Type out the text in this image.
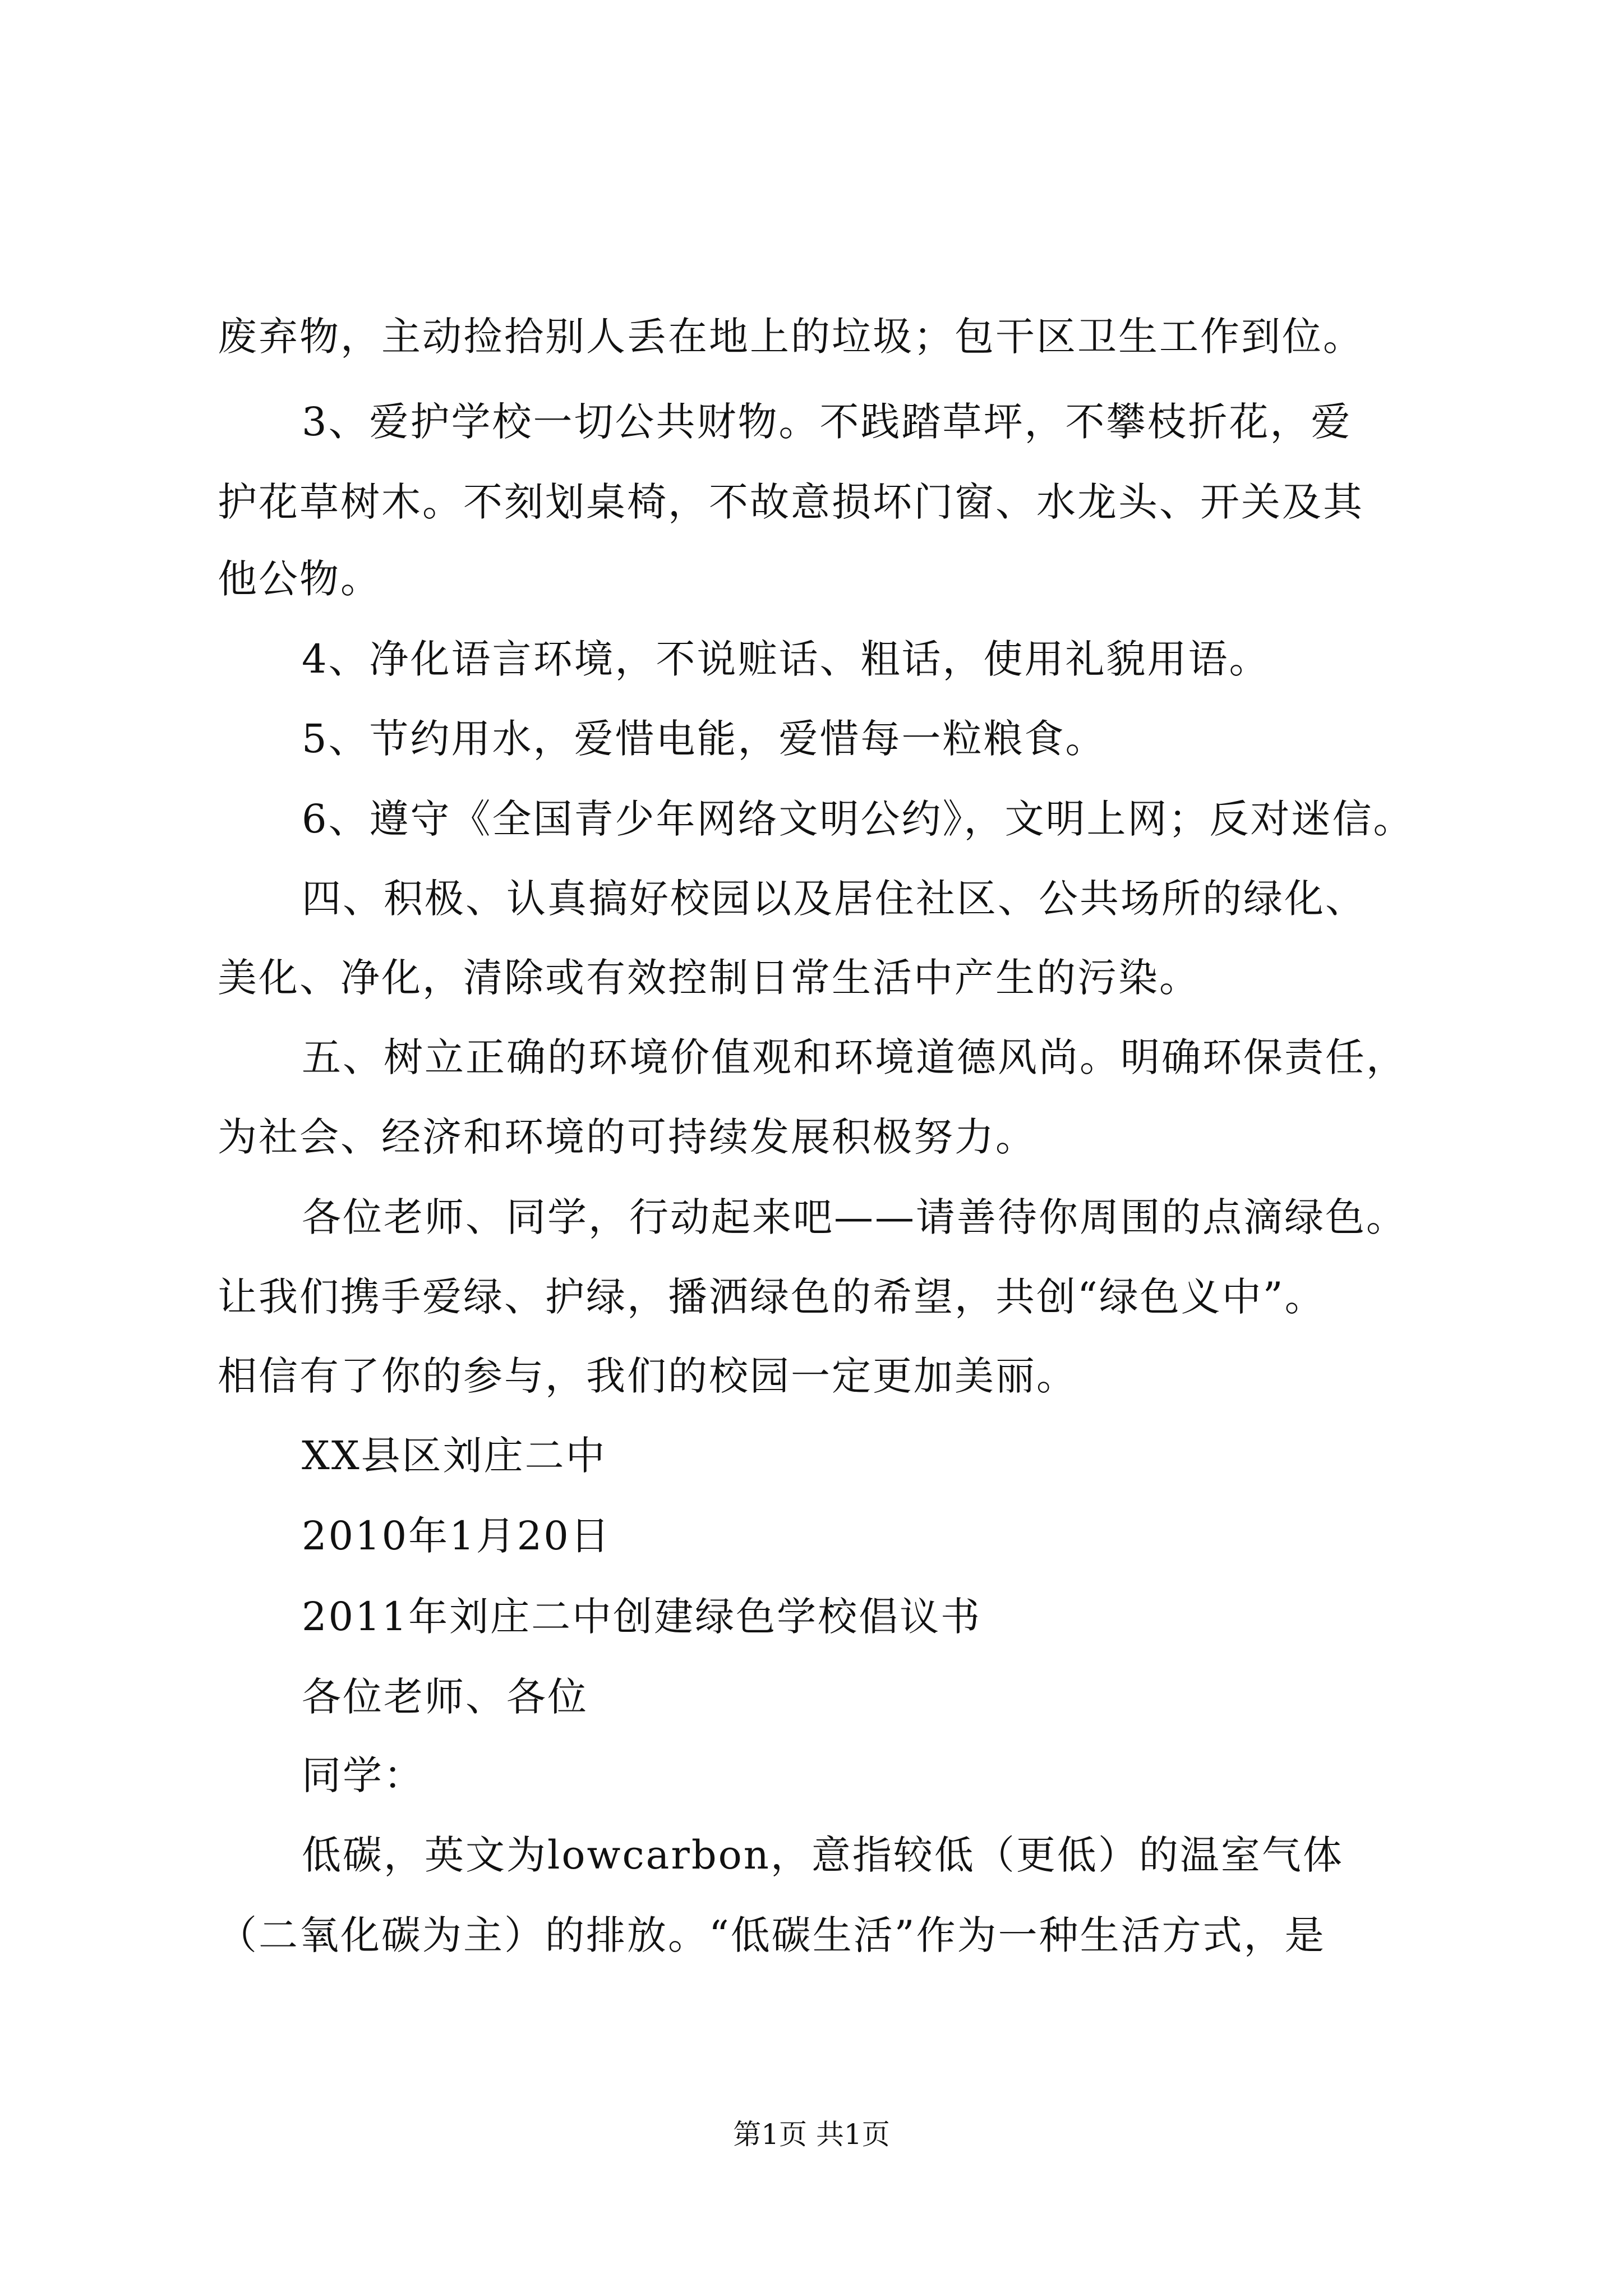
废弃物，主动捡拾别人丢在地上的垃圾；包干区卫生工作到位。
3、爱护学校一切公共财物。不践踏草坪，不攀枝折花，爱
护花草树木。不刻划桌椅，不故意损坏门窗、水龙头、开关及其
他公物。
4、净化语言环境，不说赃话、粗话，使用礼貌用语。
5、节约用水，爱惜电能，爱惜每一粒粮食。
6、遵守《全国青少年网络文明公约》，文明上网；反对迷信。
四、积极、认真搞好校园以及居住社区、公共场所的绿化、
美化、净化，清除或有效控制日常生活中产生的污染。
五、树立正确的环境价值观和环境道德风尚。明确环保责任，
为社会、经济和环境的可持续发展积极努力。
各位老师、同学，行动起来吧——请善待你周围的点滴绿色。
让我们携手爱绿、护绿，播洒绿色的希望，共创“绿色义中”。
相信有了你的参与，我们的校园一定更加美丽。
XX县区刘庄二中
2010年1月20日
2011年刘庄二中创建绿色学校倡议书
各位老师、各位
同学：
低碳，英文为lowcarbon，意指较低（更低）的温室气体
（二氧化碳为主）的排放。“低碳生活”作为一种生活方式，是
第1页 共1页
